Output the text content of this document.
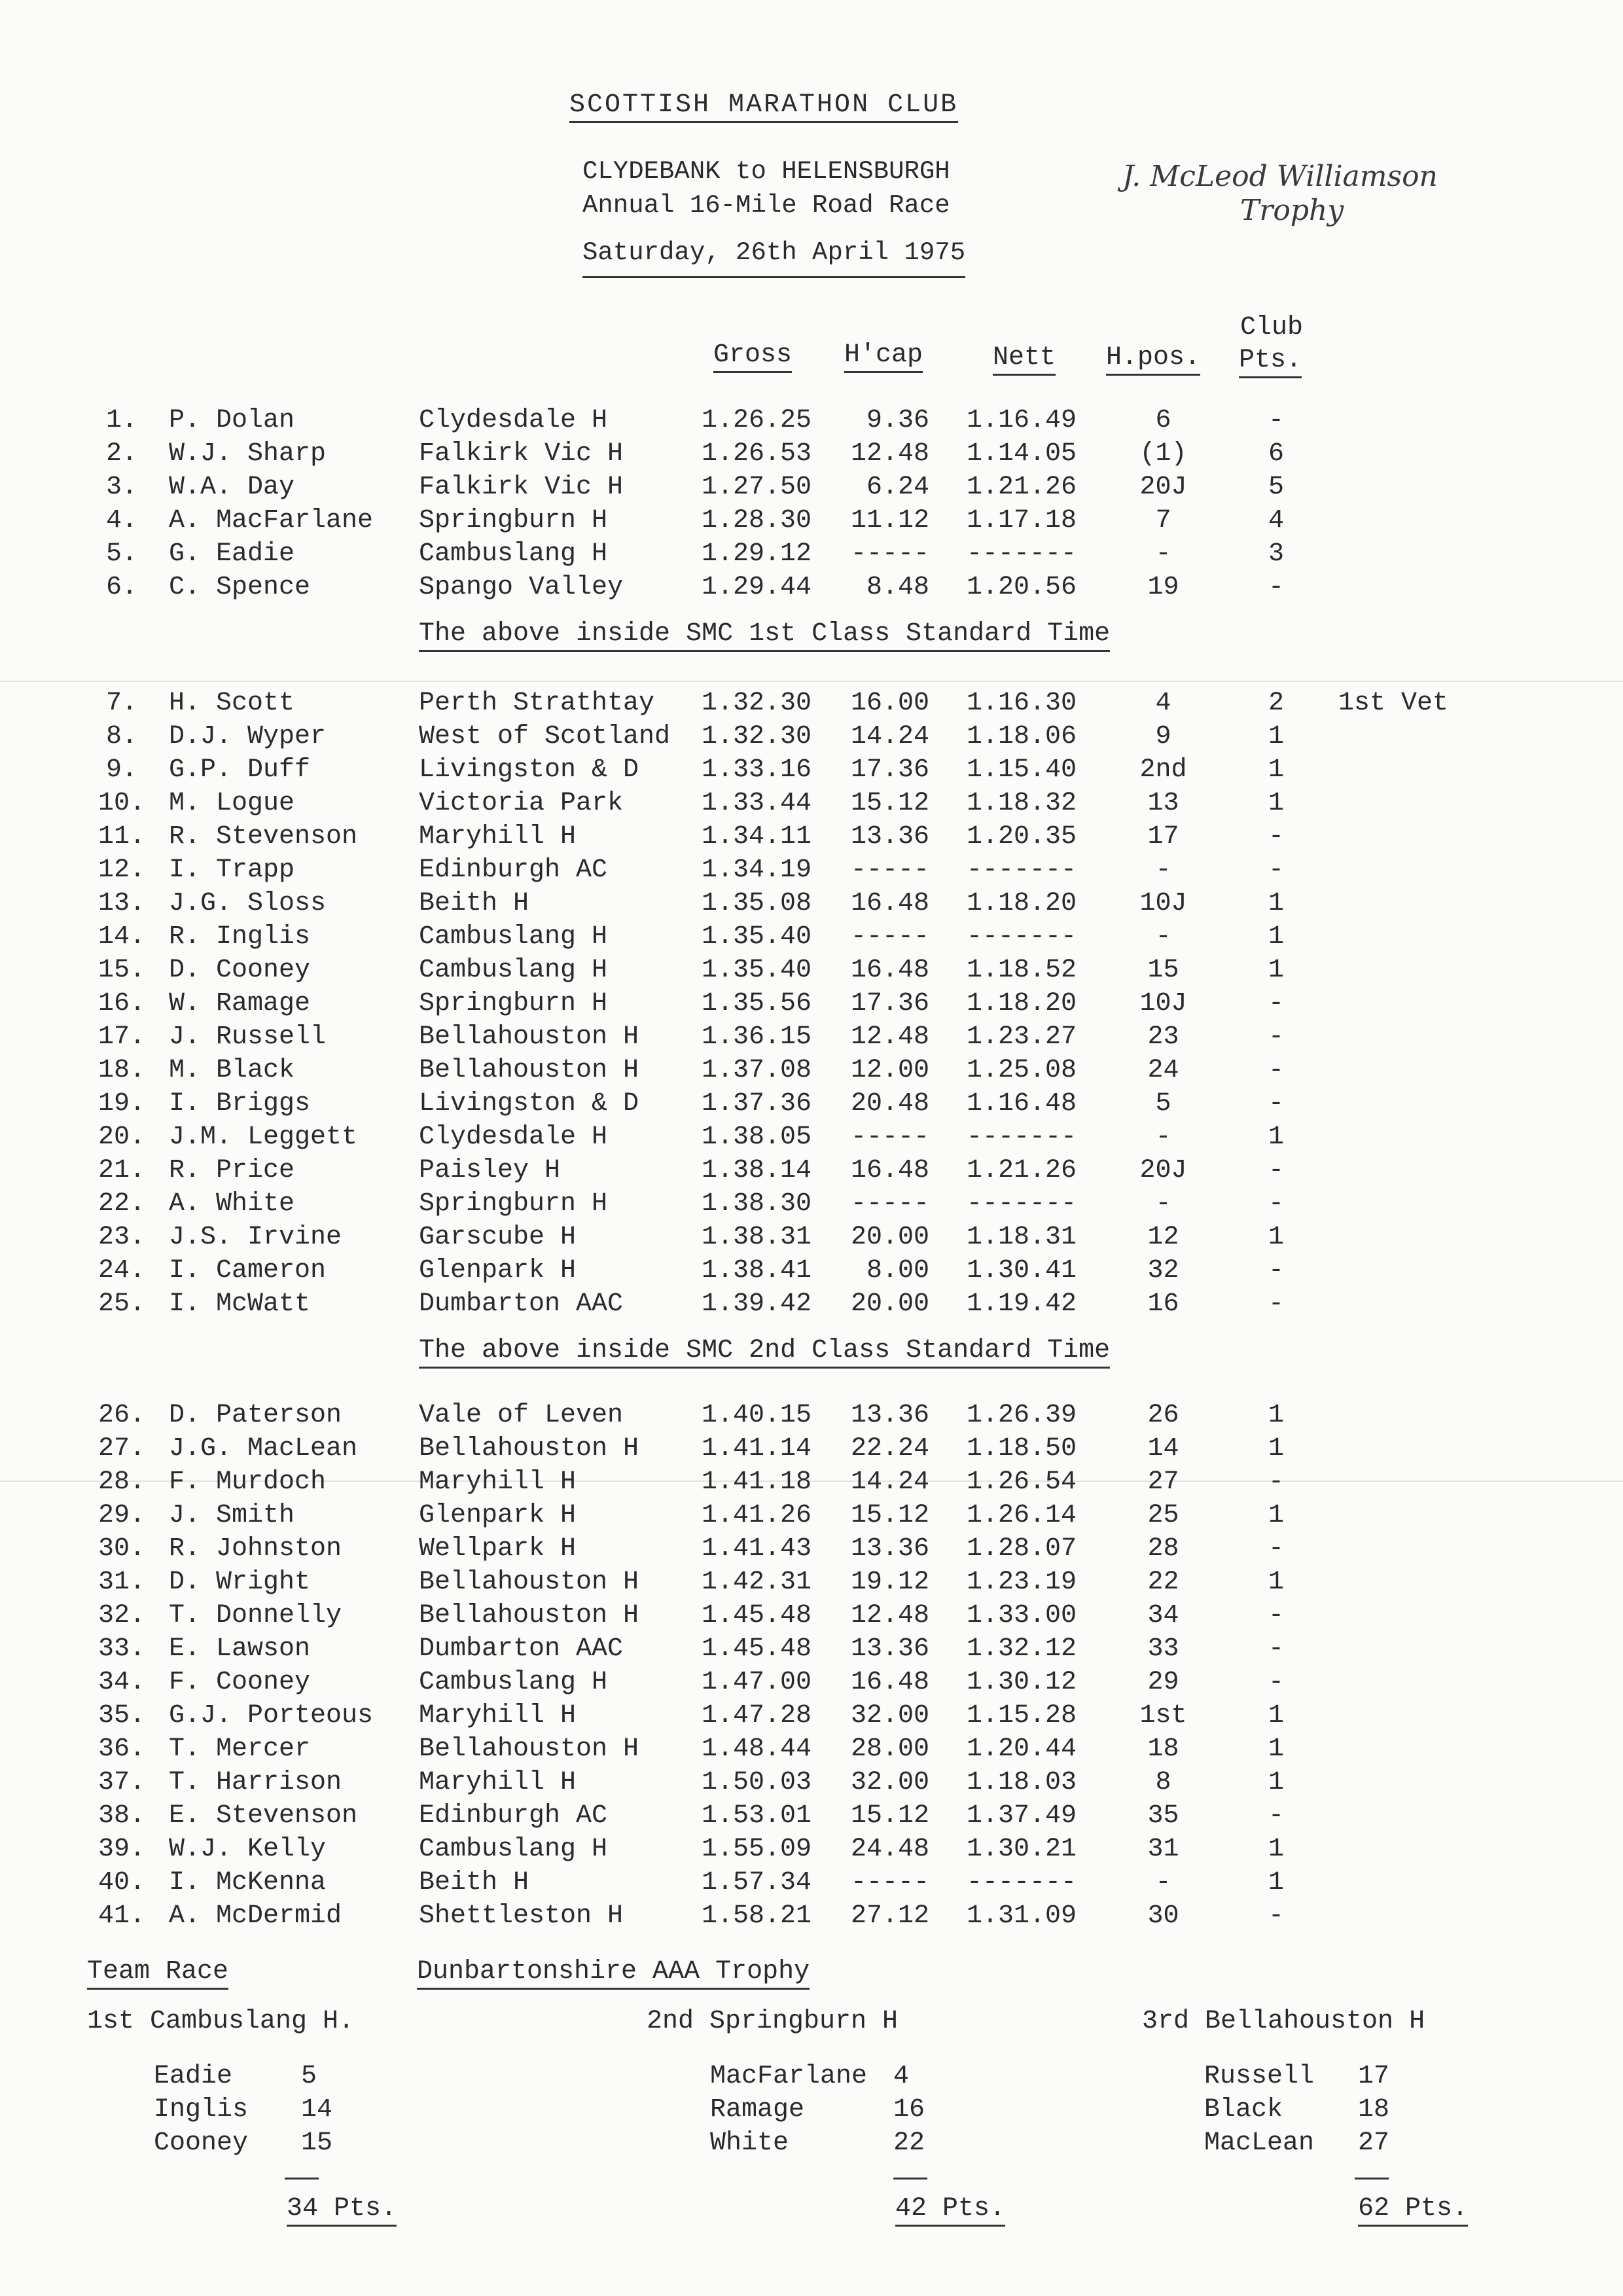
SCOTTISH MARATHON CLUB
CLYDEBANK to HELENSBURGH
Annual 16-Mile Road Race
Saturday, 26th April 1975
J. McLeod Williamson
Trophy
Gross H'cap	Nett H.pos.
Club
Pts.
1. P. Dolan	Clydesdale H	1.26.25	9.36	1.16.49	6	-
2. W.J. Sharp	Falkirk Vic H	1.26.53	12.48	1.14.05	(1)	6
3. W.A. Day	Falkirk Vic H	1.27.50	6.24	1.21.26	20J	5
4. A. MacFarlane Springburn H	1.28.30	11.12	1.17.18	7	4
5. G. Eadie	Cambuslang H	1.29.12	-----	-------	-	3
6. C. Spence	Spango Valley	1.29.44	8.48	1.20.56	19	-
The above inside SMC 1st Class Standard Time
7. H. Scott	Perth Strathtay 1.32.30	16.00	1.16.30	4	2	1st Vet
8. D.J. Wyper	West of Scotland 1.32.30	14.24	1.18.06	9	1
9. G.P. Duff	Livingston & D 1.33.16	17.36	1.15.40	2nd	1
10. M. Logue	Victoria Park	1.33.44	15.12	1.18.32	13	1
11. R. Stevenson Maryhill H	1.34.11	13.36	1.20.35	17	-
12. I. Trapp	Edinburgh AC	1.34.19	-----	-------	-	-
13. J.G. Sloss	Beith H	1.35.08	16.48	1.18.20	10J	1
14. R. Inglis	Cambuslang H	1.35.40	-----	-------	-	1
15. D. Cooney	Cambuslang H	1.35.40	16.48	1.18.52	15	1
16. W. Ramage	Springburn H	1.35.56	17.36	1.18.20	10J	-
17. J. Russell	Bellahouston H 1.36.15	12.48	1.23.27	23	-
18. M. Black	Bellahouston H 1.37.08	12.00	1.25.08	24	-
19. I. Briggs	Livingston & D 1.37.36	20.48	1.16.48	5	-
20. J.M. Leggett Clydesdale H	1.38.05	-----	-------	-	1
21. R. Price	Paisley H	1.38.14	16.48	1.21.26	20J	-
22. A. White	Springburn H	1.38.30	-----	-------	-	-
23. J.S. Irvine	Garscube H	1.38.31	20.00	1.18.31	12	1
24. I. Cameron	Glenpark H	1.38.41	8.00	1.30.41	32	-
25. I. McWatt	Dumbarton AAC	1.39.42	20.00	1.19.42	16	-
The above inside SMC 2nd Class Standard Time
26. D. Paterson	Vale of Leven	1.40.15	13.36	1.26.39	26	1
27. J.G. MacLean Bellahouston H 1.41.14	22.24	1.18.50	14	1
28. F. Murdoch	Maryhill H	1.41.18	14.24	1.26.54	27	-
29. J. Smith	Glenpark H	1.41.26	15.12	1.26.14	25	1
30. R. Johnston	Wellpark H	1.41.43	13.36	1.28.07	28	-
31. D. Wright	Bellahouston H 1.42.31	19.12	1.23.19	22	1
32. T. Donnelly	Bellahouston H 1.45.48	12.48	1.33.00	34	-
33. E. Lawson	Dumbarton AAC	1.45.48	13.36	1.32.12	33	-
34. F. Cooney	Cambuslang H	1.47.00	16.48	1.30.12	29	-
35. G.J. Porteous Maryhill H	1.47.28	32.00	1.15.28	1st	1
36. T. Mercer	Bellahouston H 1.48.44	28.00	1.20.44	18	1
37. T. Harrison	Maryhill H	1.50.03	32.00	1.18.03	8	1
38. E. Stevenson Edinburgh AC	1.53.01	15.12	1.37.49	35	-
39. W.J. Kelly	Cambuslang H	1.55.09	24.48	1.30.21	31	1
40. I. McKenna	Beith H	1.57.34	-----	-------	-	1
41. A. McDermid	Shettleston H	1.58.21	27.12	1.31.09	30	-
Team Race	Dunbartonshire AAA Trophy
1st Cambuslang H.
Eadie	5
Inglis 14
Cooney 15
34 Pts.
2nd Springburn H
MacFarlane 4
Ramage	16
White	22
42 Pts.
3rd Bellahouston H
Russell 17
Black	18
MacLean 27
62 Pts.
